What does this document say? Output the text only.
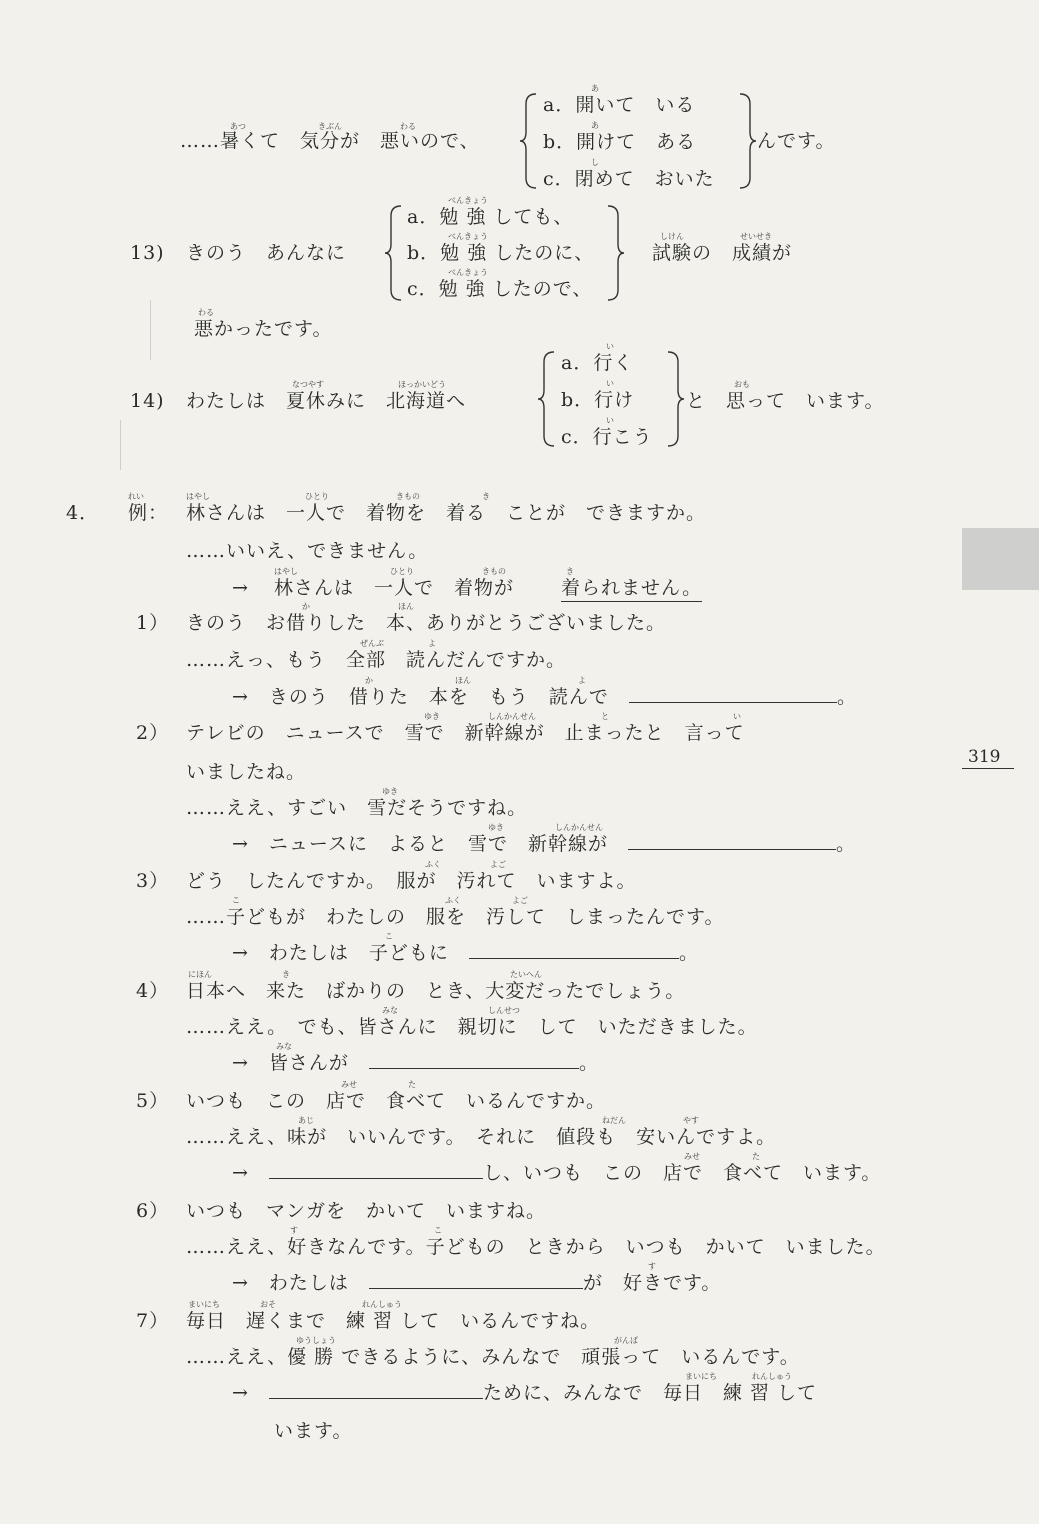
319
あつ	きぶん	わる
……暑くて　気分が　悪いので、
あ
a．開いて　いる
あ
b．開けて　ある
し
c．閉めて　おいた
んです。
13) きのう　あんなに
べんきょう
a．勉 強 しても、
べんきょう
b．勉 強 したのに、
べんきょう
c．勉 強 したので、
しけん	せいせき
試験の　成績が
わる
悪かったです。
14)
なつやす	ほっかいどう
わたしは　夏休みに　北海道へ
い
a．行く
い
b．行け
い
c．行こう
おも
と　思って　います。
4．
れい
例：
はやし	ひとり	きもの	き
林さんは　一人で　着物を　着る　ことが　できますか。
……いいえ、できません。
→
はやし	ひとり	きもの
林さんは　一人で　着物が
き
着られません。
1）
か	ほん
きのう　お借りした　本、ありがとうございました。
ぜんぶ	よ
……えっ、もう　全部　読んだんですか。
か	ほん	よ
→　きのう　借りた　本を　もう　読んで　	。
2）
ゆき	しんかんせん	と	い
テレビの　ニュースで　雪で　新幹線が　止まったと　言って
いましたね。
ゆき
……ええ、すごい　雪だそうですね。
ゆき	しんかんせん
→　ニュースに　よると　雪で　新幹線が　	。
3）
ふく	よご
どう　したんですか。　服が　汚れて　いますよ。
こ	ふく	よご
……子どもが　わたしの　服を　汚して　しまったんです。
こ
→　わたしは　子どもに　	。
4）
にほん	き	たいへん
日本へ　来た　ばかりの　とき、大変だったでしょう。
みな	しんせつ
……ええ。　でも、皆さんに　親切に　して　いただきました。
みな
→　皆さんが　	。
5）
みせ	た
いつも　この　店で　食べて　いるんですか。
あじ	ねだん	やす
……ええ、味が　いいんです。　それに　値段も　安いんですよ。
みせ	た
→　	し、いつも　この　店で　食べて　います。
6） いつも　マンガを　かいて　いますね。
す	こ
……ええ、好きなんです。子どもの　ときから　いつも　かいて　いました。
す
→　わたしは　	が　好きです。
7）
まいにち	おそ	れんしゅう
毎日　遅くまで　練 習 して　いるんですね。
ゆうしょう	がんば
……ええ、優 勝 できるように、みんなで　頑張って　いるんです。
まいにち	れんしゅう
→　	ために、みんなで　毎日　練 習 して
います。
